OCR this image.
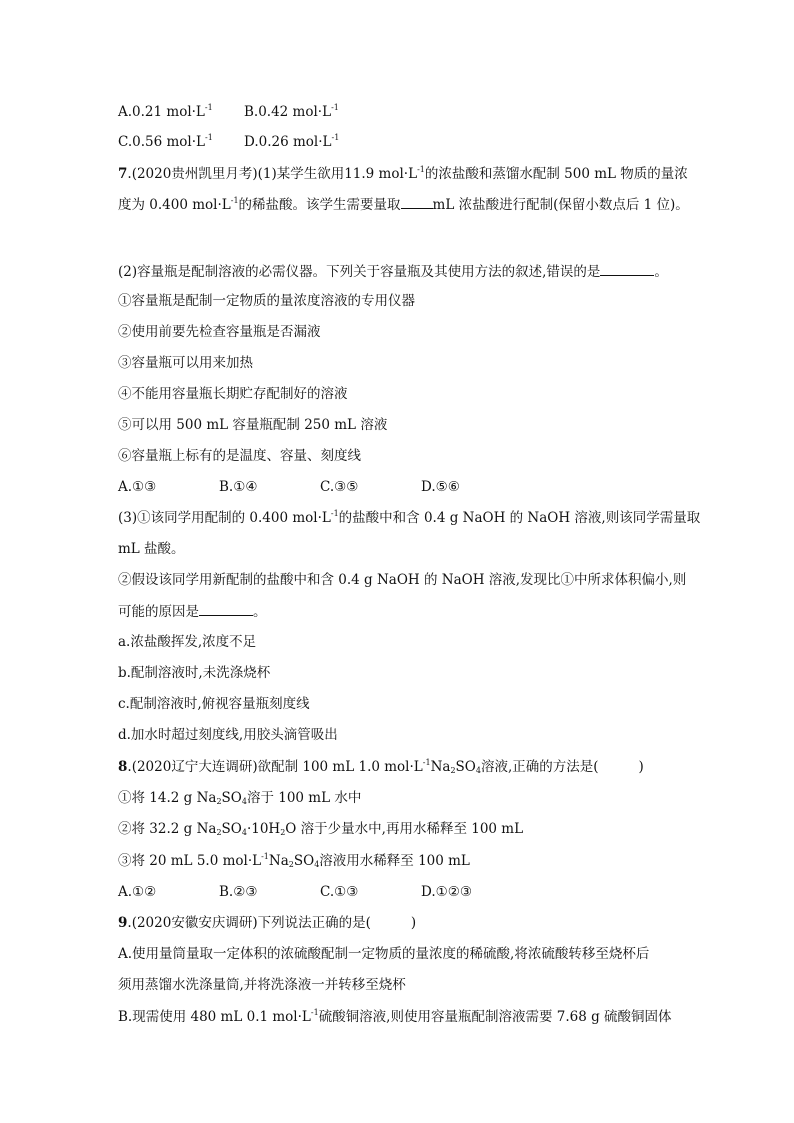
A.0.21 $mol\cdot L^{-1}$	B.0.42 $mol\cdot L^{-1}$
C.0.56 $mol\cdot L^{-1}$	D.0.26 $mol\cdot L^{-1}$
7.(2020贵州凯里月考)(1)某学生欲用11.9 $mol\cdot L^{-1}$的浓盐酸和蒸馏水配制 500 mL 物质的量浓
度为 0.400 $mol\cdot L^{-1}$的稀盐酸。该学生需要量取 mL 浓盐酸进行配制(保留小数点后 1 位)。
(2)容量瓶是配制溶液的必需仪器。下列关于容量瓶及其使用方法的叙述,错误的是	。
①容量瓶是配制一定物质的量浓度溶液的专用仪器
②使用前要先检查容量瓶是否漏液
③容量瓶可以用来加热
④不能用容量瓶长期贮存配制好的溶液
⑤可以用 500 mL 容量瓶配制 250 mL 溶液
⑥容量瓶上标有的是温度、容量、刻度线
A.①③	B.①④	C.③⑤	D.⑤⑥
(3)①该同学用配制的 0.400 $mol\cdot L^{-1}$的盐酸中和含 0.4 g NaOH 的 NaOH 溶液,则该同学需量取
mL 盐酸。
②假设该同学用新配制的盐酸中和含 0.4 g NaOH 的 NaOH 溶液,发现比①中所求体积偏小,则
可能的原因是	。
a.浓盐酸挥发,浓度不足
b.配制溶液时,未洗涤烧杯
c.配制溶液时,俯视容量瓶刻度线
d.加水时超过刻度线,用胶头滴管吸出
8.(2020辽宁大连调研)欲配制 100 mL 1.0 $mol\cdot L^{-1}Na_2SO_4$溶液,正确的方法是(	)
①将 14.2 g $Na_2SO_4$溶于 100 mL 水中
②将 32.2 g $Na_2SO_4\cdot 10H_2O$ 溶于少量水中,再用水稀释至 100 mL
③将 20 mL 5.0 $mol\cdot L^{-1}Na_2SO_4$溶液用水稀释至 100 mL
A.①②	B.②③	C.①③	D.①②③
9.(2020安徽安庆调研)下列说法正确的是(	)
A.使用量筒量取一定体积的浓硫酸配制一定物质的量浓度的稀硫酸,将浓硫酸转移至烧杯后
须用蒸馏水洗涤量筒,并将洗涤液一并转移至烧杯
B.现需使用 480 mL 0.1 $mol\cdot L^{-1}$硫酸铜溶液,则使用容量瓶配制溶液需要 7.68 g 硫酸铜固体
